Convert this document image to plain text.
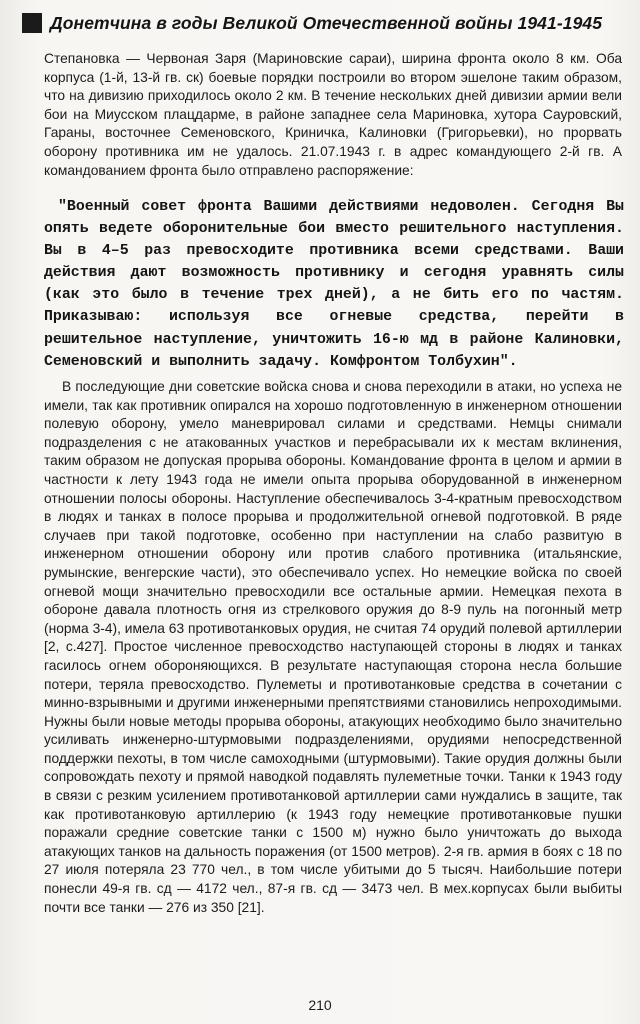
Донетчина в годы Великой Отечественной войны 1941-1945
Степановка — Червоная Заря (Мариновские сараи), ширина фронта около 8 км. Оба корпуса (1-й, 13-й гв. ск) боевые порядки построили во втором эшелоне таким образом, что на дивизию приходилось около 2 км. В течение нескольких дней дивизии армии вели бои на Миусском плацдарме, в районе западнее села Мариновка, хутора Сауровский, Гараны, восточнее Семеновского, Криничка, Калиновки (Григорьевки), но прорвать оборону противника им не удалось. 21.07.1943 г. в адрес командующего 2-й гв. А командованием фронта было отправлено распоряжение:
"Военный совет фронта Вашими действиями недоволен. Сегодня Вы опять ведете оборонительные бои вместо решительного наступления. Вы в 4–5 раз превосходите противника всеми средствами. Ваши действия дают возможность противнику и сегодня уравнять силы (как это было в течение трех дней), а не бить его по частям. Приказываю: используя все огневые средства, перейти в решительное наступление, уничтожить 16-ю мд в районе Калиновки, Семеновский и выполнить задачу. Комфронтом Толбухин".
В последующие дни советские войска снова и снова переходили в атаки, но успеха не имели, так как противник опирался на хорошо подготовленную в инженерном отношении полевую оборону, умело маневрировал силами и средствами. Немцы снимали подразделения с не атакованных участков и перебрасывали их к местам вклинения, таким образом не допуская прорыва обороны. Командование фронта в целом и армии в частности к лету 1943 года не имели опыта прорыва оборудованной в инженерном отношении полосы обороны. Наступление обеспечивалось 3-4-кратным превосходством в людях и танках в полосе прорыва и продолжительной огневой подготовкой. В ряде случаев при такой подготовке, особенно при наступлении на слабо развитую в инженерном отношении оборону или против слабого противника (итальянские, румынские, венгерские части), это обеспечивало успех. Но немецкие войска по своей огневой мощи значительно превосходили все остальные армии. Немецкая пехота в обороне давала плотность огня из стрелкового оружия до 8-9 пуль на погонный метр (норма 3-4), имела 63 противотанковых орудия, не считая 74 орудий полевой артиллерии [2, с.427]. Простое численное превосходство наступающей стороны в людях и танках гасилось огнем обороняющихся. В результате наступающая сторона несла большие потери, теряла превосходство. Пулеметы и противотанковые средства в сочетании с минно-взрывными и другими инженерными препятствиями становились непроходимыми. Нужны были новые методы прорыва обороны, атакующих необходимо было значительно усиливать инженерно-штурмовыми подразделениями, орудиями непосредственной поддержки пехоты, в том числе самоходными (штурмовыми). Такие орудия должны были сопровождать пехоту и прямой наводкой подавлять пулеметные точки. Танки к 1943 году в связи с резким усилением противотанковой артиллерии сами нуждались в защите, так как противотанковую артиллерию (к 1943 году немецкие противотанковые пушки поражали средние советские танки с 1500 м) нужно было уничтожать до выхода атакующих танков на дальность поражения (от 1500 метров). 2-я гв. армия в боях с 18 по 27 июля потеряла 23 770 чел., в том числе убитыми до 5 тысяч. Наибольшие потери понесли 49-я гв. сд — 4172 чел., 87-я гв. сд — 3473 чел. В мех.корпусах были выбиты почти все танки — 276 из 350 [21].
210
